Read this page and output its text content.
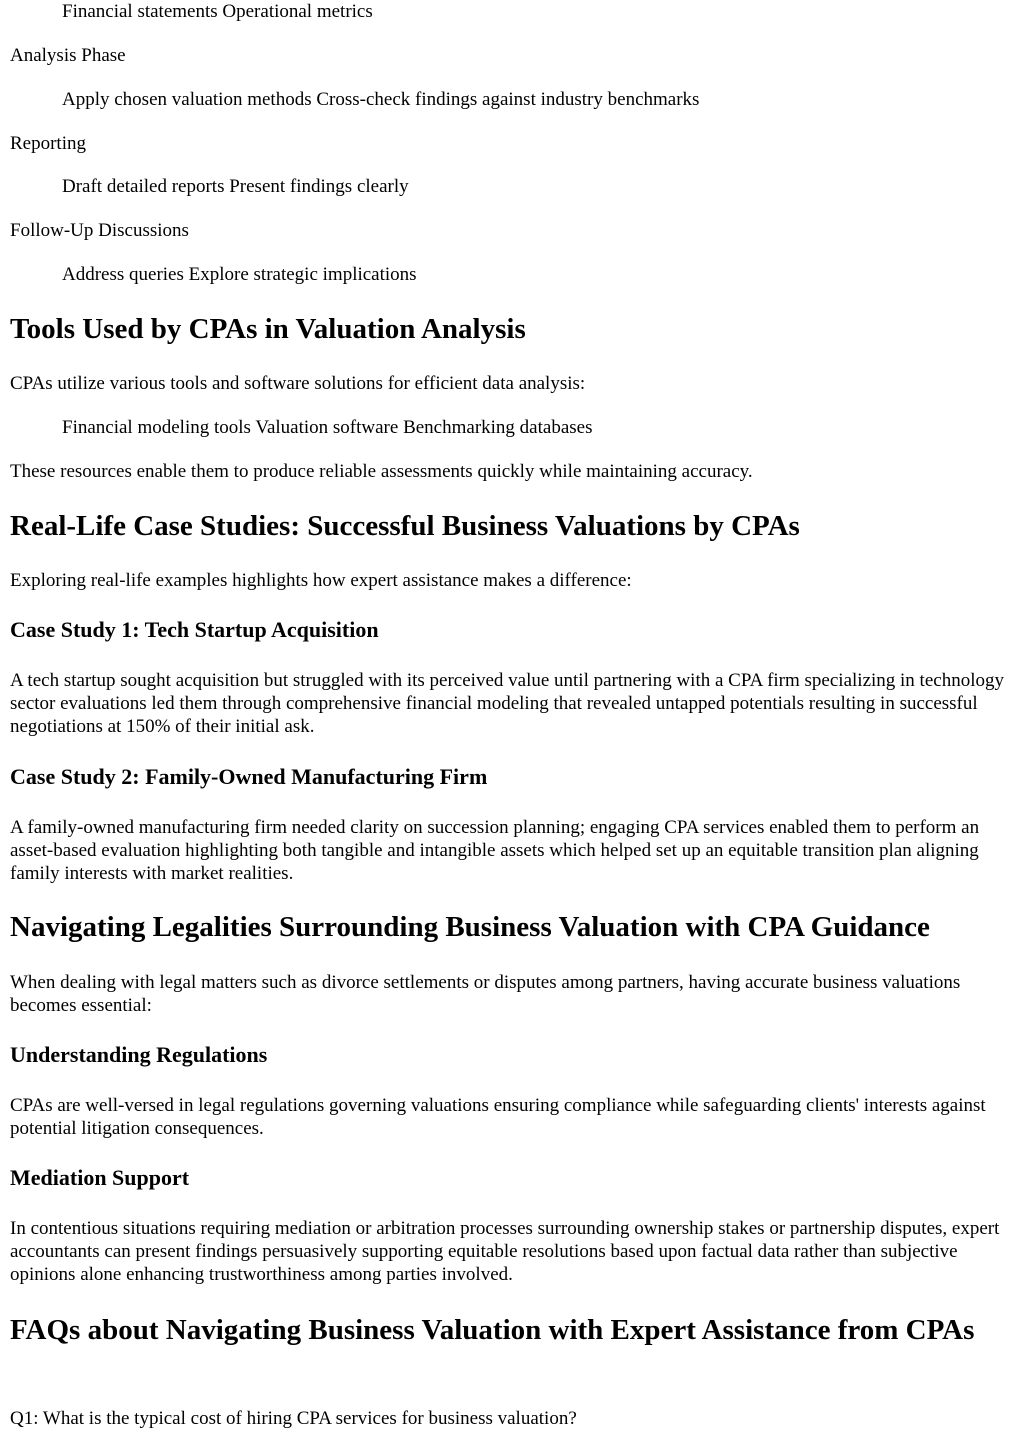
Financial statements Operational metrics

Analysis Phase

Apply chosen valuation methods Cross-check findings against industry benchmarks

Reporting

Draft detailed reports Present findings clearly

Follow-Up Discussions

Address queries Explore strategic implications
Tools Used by CPAs in Valuation Analysis

CPAs utilize various tools and software solutions for efficient data analysis:

Financial modeling tools Valuation software Benchmarking databases

These resources enable them to produce reliable assessments quickly while maintaining accuracy.

Real-Life Case Studies: Successful Business Valuations by CPAs

Exploring real-life examples highlights how expert assistance makes a difference:

Case Study 1: Tech Startup Acquisition

A tech startup sought acquisition but struggled with its perceived value until partnering with a CPA firm specializing in technology sector evaluations led them through comprehensive financial modeling that revealed untapped potentials resulting in successful negotiations at 150% of their initial ask.

Case Study 2: Family-Owned Manufacturing Firm

A family-owned manufacturing firm needed clarity on succession planning; engaging CPA services enabled them to perform an asset-based evaluation highlighting both tangible and intangible assets which helped set up an equitable transition plan aligning family interests with market realities.

Navigating Legalities Surrounding Business Valuation with CPA Guidance

When dealing with legal matters such as divorce settlements or disputes among partners, having accurate business valuations becomes essential:

Understanding Regulations

CPAs are well-versed in legal regulations governing valuations ensuring compliance while safeguarding clients' interests against potential litigation consequences.

Mediation Support

In contentious situations requiring mediation or arbitration processes surrounding ownership stakes or partnership disputes, expert accountants can present findings persuasively supporting equitable resolutions based upon factual data rather than subjective opinions alone enhancing trustworthiness among parties involved.

FAQs about Navigating Business Valuation with Expert Assistance from CPAs

Q1: What is the typical cost of hiring CPA services for business valuation?
